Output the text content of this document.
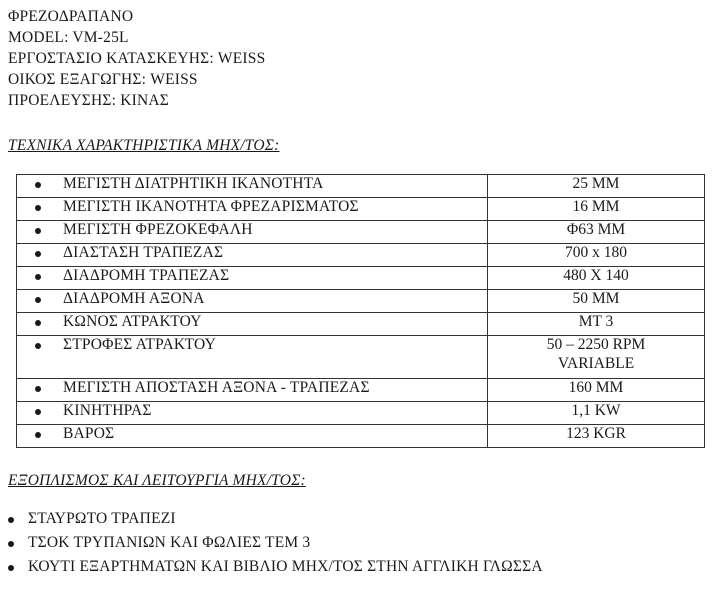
ΦΡΕΖΟΔΡΑΠΑΝΟ
MODEL: VM-25L
ΕΡΓΟΣΤΑΣΙΟ ΚΑΤΑΣΚΕΥΗΣ: WEISS
ΟΙΚΟΣ ΕΞΑΓΩΓΗΣ: WEISS
ΠΡΟΕΛΕΥΣΗΣ: ΚΙΝΑΣ
ΤΕΧΝΙΚΑ ΧΑΡΑΚΤΗΡΙΣΤΙΚΑ ΜΗΧ/ΤΟΣ:
	ΜΕΓΙΣΤΗ ΔΙΑΤΡΗΤΙΚΗ ΙΚΑΝΟΤΗΤΑ	25 MM
	ΜΕΓΙΣΤΗ ΙΚΑΝΟΤΗΤΑ ΦΡΕΖΑΡΙΣΜΑΤΟΣ	16 MM
	ΜΕΓΙΣΤΗ ΦΡΕΖΟΚΕΦΑΛΗ	Φ63 MM
	ΔΙΑΣΤΑΣΗ ΤΡΑΠΕΖΑΣ	700 x 180
	ΔΙΑΔΡΟΜΗ ΤΡΑΠΕΖΑΣ	480 X 140
	ΔΙΑΔΡΟΜΗ ΑΞΟΝΑ	50 MM
	ΚΩΝΟΣ ΑΤΡΑΚΤΟΥ	MT 3
	ΣΤΡΟΦΕΣ ΑΤΡΑΚΤΟΥ	50 – 2250 RPM
VARIABLE

	ΜΕΓΙΣΤΗ ΑΠΟΣΤΑΣΗ ΑΞΟΝΑ - ΤΡΑΠΕΖΑΣ	160 MM
	ΚΙΝΗΤΗΡΑΣ	1,1 KW
	ΒΑΡΟΣ	123 KGR
ΕΞΟΠΛΙΣΜΟΣ ΚΑΙ ΛΕΙΤΟΥΡΓΙΑ ΜΗΧ/ΤΟΣ:
ΣΤΑΥΡΩΤΟ ΤΡΑΠΕΖΙ
ΤΣΟΚ ΤΡΥΠΑΝΙΩΝ ΚΑΙ ΦΩΛΙΕΣ ΤΕΜ 3
ΚΟΥΤΙ ΕΞΑΡΤΗΜΑΤΩΝ ΚΑΙ ΒΙΒΛΙΟ ΜΗΧ/ΤΟΣ ΣΤΗΝ ΑΓΓΛΙΚΗ ΓΛΩΣΣΑ
